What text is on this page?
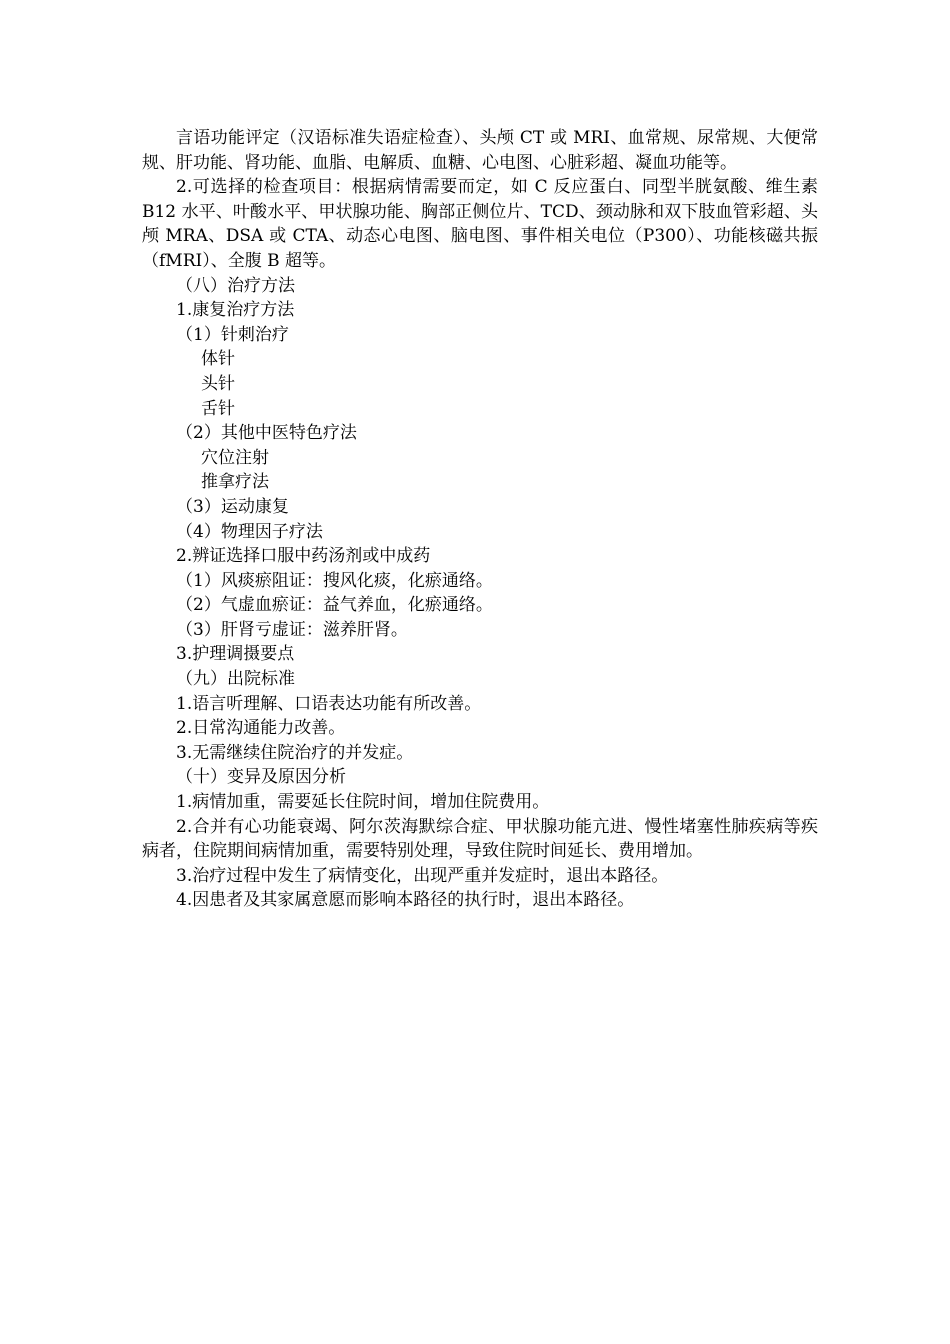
言语功能评定（汉语标准失语症检查）、头颅 CT 或 MRI、血常规、尿常规、大便常规、肝功能、肾功能、血脂、电解质、血糖、心电图、心脏彩超、凝血功能等。

2.可选择的检查项目：根据病情需要而定，如 C 反应蛋白、同型半胱氨酸、维生素 B12 水平、叶酸水平、甲状腺功能、胸部正侧位片、TCD、颈动脉和双下肢血管彩超、头颅 MRA、DSA 或 CTA、动态心电图、脑电图、事件相关电位（P300）、功能核磁共振（fMRI）、全腹 B 超等。

（八）治疗方法

1.康复治疗方法

（1）针刺治疗

体针

头针

舌针

（2）其他中医特色疗法

穴位注射

推拿疗法

（3）运动康复

（4）物理因子疗法

2.辨证选择口服中药汤剂或中成药

（1）风痰瘀阻证：搜风化痰，化瘀通络。

（2）气虚血瘀证：益气养血，化瘀通络。

（3）肝肾亏虚证：滋养肝肾。

3.护理调摄要点

（九）出院标准

1.语言听理解、口语表达功能有所改善。

2.日常沟通能力改善。

3.无需继续住院治疗的并发症。

（十）变异及原因分析

1.病情加重，需要延长住院时间，增加住院费用。

2.合并有心功能衰竭、阿尔茨海默综合症、甲状腺功能亢进、慢性堵塞性肺疾病等疾病者，住院期间病情加重，需要特别处理，导致住院时间延长、费用增加。

3.治疗过程中发生了病情变化，出现严重并发症时，退出本路径。

4.因患者及其家属意愿而影响本路径的执行时，退出本路径。
